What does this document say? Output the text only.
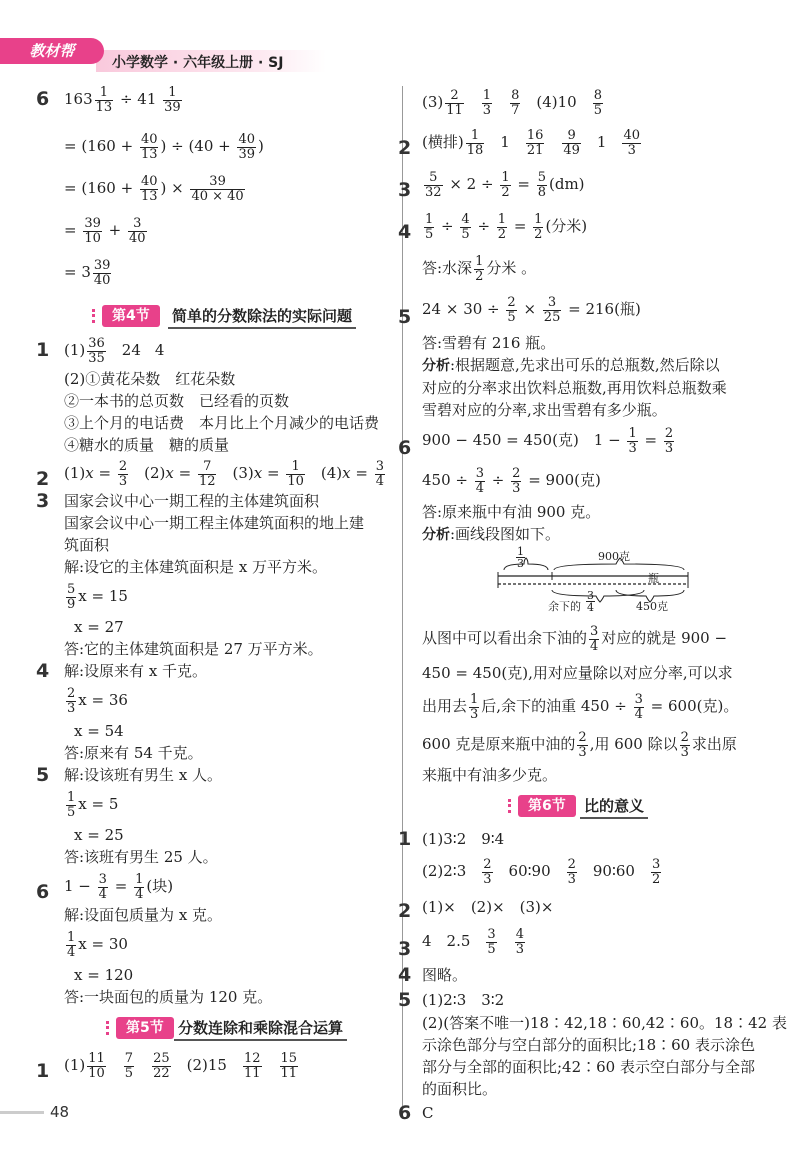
教材帮
小学数学 · 六年级上册 · SJ
6 $163 \frac{1}{13} \div 41 \frac{1}{39}$
= ($160 + \frac{40}{13}$ ) ÷ ($40 + \frac{40}{39}$ )
= ($160 + \frac{40}{13}$ ) × $\frac{39}{40 \times 40}$
= $\frac{39}{10} + \frac{3}{40}$
= $3 \frac{39}{40}$
第4节	简单的分数除法的实际问题
1 $(1) \frac{36}{35} 24$ 4
(2)①黄花朵数　红花朵数
②一本书的总页数　已经看的页数
③上个月的电话费　本月比上个月减少的电话费
④糖水的质量　糖的质量
2 $(1)x = \frac{2}{3} (2)x = \frac{7}{12} (3)x = \frac{1}{10} (4)x = \frac{3}{4}$
3 国家会议中心一期工程的主体建筑面积
国家会议中心一期工程主体建筑面积的地上建
筑面积
解:设它的主体建筑面积是 x 万平方米。
$\frac{5}{9}$ x = 15
x = 27
答:它的主体建筑面积是 27 万平方米。
4 解:设原来有 x 千克。
$\frac{2}{3}$ x = 36
x = 54
答:原来有 54 千克。
5 解:设该班有男生 x 人。
$\frac{1}{5}$ x = 5
x = 25
答:该班有男生 25 人。
6 $1 - \frac{3}{4} = \frac{1}{4}$ (块)
解:设面包质量为 x 克。
$\frac{1}{4}$ x = 30
x = 120
答:一块面包的质量为 120 克。
第5节 分数连除和乘除混合运算
1 $(1) \frac{11}{10} \frac{7}{5} \frac{25}{22} (2)15 \frac{12}{11} \frac{15}{11}$
$(3) \frac{2}{11} \frac{1}{3} \frac{8}{7} (4)10 \frac{8}{5}$
2 (横排) $\frac{1}{18} 1 \frac{16}{21} \frac{9}{49} 1 \frac{40}{3}$
$3 \frac{5}{32} \times 2 \div \frac{1}{2} = \frac{5}{8} (dm)$
$4 \frac{1}{5} \div \frac{4}{5} \div \frac{1}{2} = \frac{1}{2}$ (分米)
答:水深 $\frac{1}{2}$ 分米 。
5 $24 \times 30 \div \frac{2}{5} \times \frac{3}{25} = 216$(瓶)
答:雪碧有 216 瓶。
分析:根据题意,先求出可乐的总瓶数,然后除以
对应的分率求出饮料总瓶数,再用饮料总瓶数乘
雪碧对应的分率,求出雪碧有多少瓶。
6 900 − 450 = 450(克)　$1 - \frac{1}{3} = \frac{2}{3}$
$450 \div \frac{3}{4} \div \frac{2}{3} = 900$(克)
答:原来瓶中有油 900 克。
分析:画线段图如下。
1
3
900克
瓶
余下的
3
4	450克
从图中可以看出余下油的 $\frac{3}{4}$ 对应的就是 900 −
450 = 450(克),用对应量除以对应分率,可以求
出用去 $\frac{1}{3}$ 后,余下的油重 $450 \div \frac{3}{4} = 600$(克)。
600 克是原来瓶中油的 $\frac{2}{3}$ ,用 600 除以 $\frac{2}{3}$ 求出原
来瓶中有油多少克。
第6节	比的意义
1 (1)3∶2　9∶4
(2)2∶3 $\frac{2}{3}$ 60∶90 $\frac{2}{3}$ 90∶60 $\frac{3}{2}$
2 (1)×　(2)×　(3)×
3 4　$2.5 \frac{3}{5} \frac{4}{3}$
4 图略。
5 (1)2∶3　3∶2
(2)(答案不唯一)18∶42,18∶60,42∶60。18∶42 表
示涂色部分与空白部分的面积比;18∶60 表示涂色
部分与全部的面积比;42∶60 表示空白部分与全部
的面积比。
6 C
48
